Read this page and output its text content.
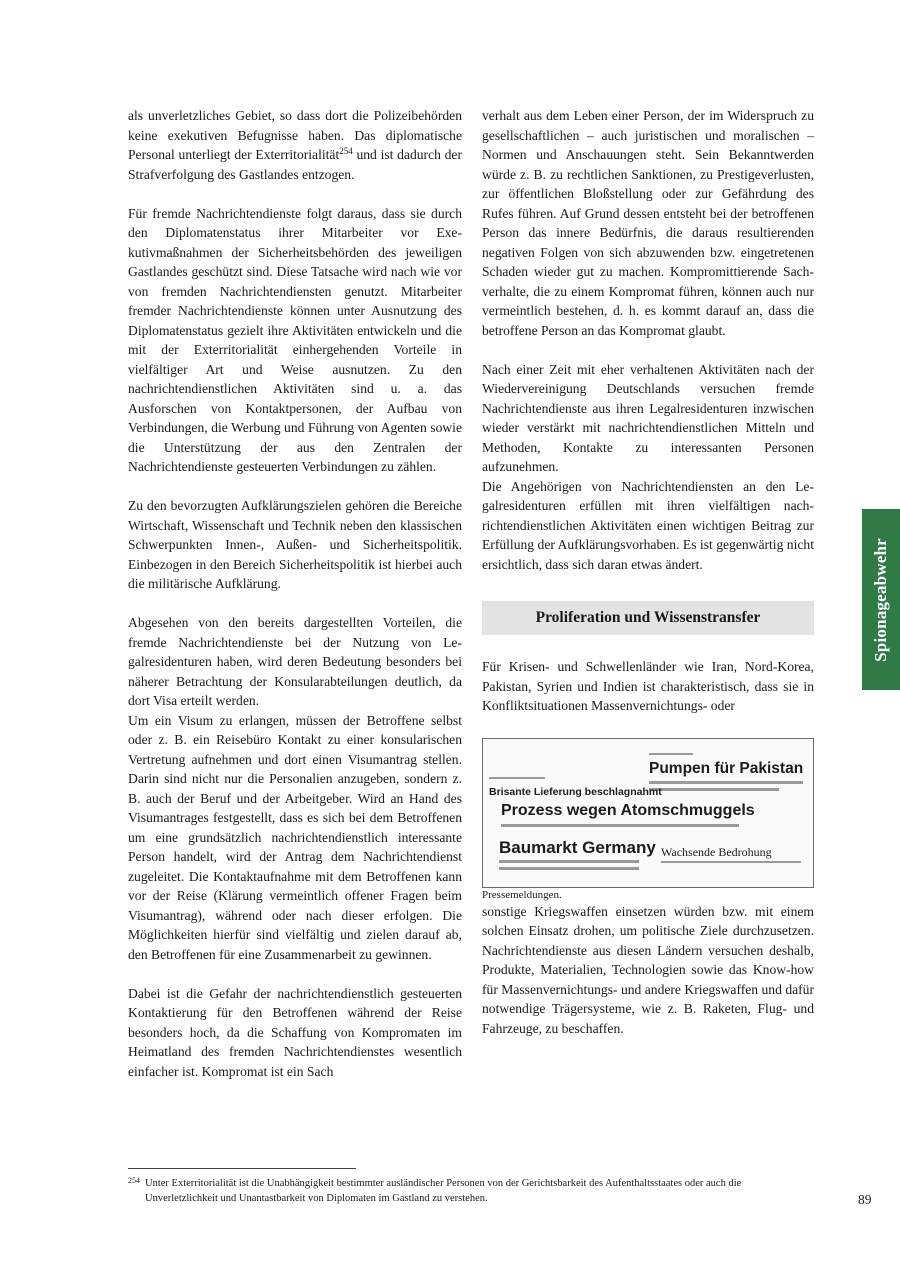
als unverletzliches Gebiet, so dass dort die Polizeibehörden keine exekutiven Befugnisse haben. Das diplomatische Personal unterliegt der Exterritorialität$^{254}$ und ist dadurch der Strafverfolgung des Gastlandes entzogen.

Für fremde Nachrichtendienste folgt daraus, dass sie durch den Diplomatenstatus ihrer Mitarbeiter vor Exekutivmaßnahmen der Sicherheitsbehörden des jeweiligen Gastlandes geschützt sind. Diese Tatsache wird nach wie vor von fremden Nachrichtendiensten genutzt. Mitarbeiter fremder Nachrichtendienste können unter Ausnutzung des Diplomatenstatus gezielt ihre Aktivitäten entwickeln und die mit der Exterritorialität einhergehenden Vorteile in vielfältiger Art und Weise ausnutzen. Zu den nachrichtendienstlichen Aktivitäten sind u. a. das Ausforschen von Kontaktpersonen, der Aufbau von Verbindungen, die Werbung und Führung von Agenten sowie die Unterstützung der aus den Zentralen der Nachrichtendienste gesteuerten Verbindungen zu zählen.

Zu den bevorzugten Aufklärungszielen gehören die Bereiche Wirtschaft, Wissenschaft und Technik neben den klassischen Schwerpunkten Innen-, Außen- und Sicherheitspolitik. Einbezogen in den Bereich Sicherheitspolitik ist hierbei auch die militärische Aufklärung.

Abgesehen von den bereits dargestellten Vorteilen, die fremde Nachrichtendienste bei der Nutzung von Legalresidenturen haben, wird deren Bedeutung besonders bei näherer Betrachtung der Konsularabteilungen deutlich, da dort Visa erteilt werden.

Um ein Visum zu erlangen, müssen der Betroffene selbst oder z. B. ein Reisebüro Kontakt zu einer konsularischen Vertretung aufnehmen und dort einen Visumantrag stellen. Darin sind nicht nur die Personalien anzugeben, sondern z. B. auch der Beruf und der Arbeitgeber. Wird an Hand des Visumantrages festgestellt, dass es sich bei dem Betroffenen um eine grundsätzlich nachrichtendienstlich interessante Person handelt, wird der Antrag dem Nachrichtendienst zugeleitet. Die Kontaktaufnahme mit dem Betroffenen kann vor der Reise (Klärung vermeintlich offener Fragen beim Visumantrag), während oder nach dieser erfolgen. Die Möglichkeiten hierfür sind vielfältig und zielen darauf ab, den Betroffenen für eine Zusammenarbeit zu gewinnen.

Dabei ist die Gefahr der nachrichtendienstlich gesteuerten Kontaktierung für den Betroffenen während der Reise besonders hoch, da die Schaffung von Kompromaten im Heimatland des fremden Nachrichtendienstes wesentlich einfacher ist. Kompromat ist ein Sach

verhalt aus dem Leben einer Person, der im Widerspruch zu gesellschaftlichen – auch juristischen und moralischen – Normen und Anschauungen steht. Sein Bekanntwerden würde z. B. zu rechtlichen Sanktionen, zu Prestigeverlusten, zur öffentlichen Bloßstellung oder zur Gefährdung des Rufes führen. Auf Grund dessen entsteht bei der betroffenen Person das innere Bedürfnis, die daraus resultierenden negativen Folgen von sich abzuwenden bzw. eingetretenen Schaden wieder gut zu machen. Kompromittierende Sachverhalte, die zu einem Kompromat führen, können auch nur vermeintlich bestehen, d. h. es kommt darauf an, dass die betroffene Person an das Kompromat glaubt.

Nach einer Zeit mit eher verhaltenen Aktivitäten nach der Wiedervereinigung Deutschlands versuchen fremde Nachrichtendienste aus ihren Legalresidenturen inzwischen wieder verstärkt mit nachrichtendienstlichen Mitteln und Methoden, Kontakte zu interessanten Personen aufzunehmen.

Die Angehörigen von Nachrichtendiensten an den Legalresidenturen erfüllen mit ihren vielfältigen nachrichtendienstlichen Aktivitäten einen wichtigen Beitrag zur Erfüllung der Aufklärungsvorhaben. Es ist gegenwärtig nicht ersichtlich, dass sich daran etwas ändert.

Proliferation und Wissenstransfer

Für Krisen- und Schwellenländer wie Iran, Nord-Korea, Pakistan, Syrien und Indien ist charakteristisch, dass sie in Konfliktsituationen Massenvernichtungs- oder

Pumpen für Pakistan
Brisante Lieferung beschlagnahmt
Prozess wegen Atomschmuggels
Baumarkt Germany Wachsende Bedrohung

Pressemeldungen.

sonstige Kriegswaffen einsetzen würden bzw. mit einem solchen Einsatz drohen, um politische Ziele durchzusetzen. Nachrichtendienste aus diesen Ländern versuchen deshalb, Produkte, Materialien, Technologien sowie das Know-how für Massenvernichtungs- und andere Kriegswaffen und dafür notwendige Trägersysteme, wie z. B. Raketen, Flug- und Fahrzeuge, zu beschaffen.

Spionageabwehr
254 Unter Exterritorialität ist die Unabhängigkeit bestimmter ausländischer Personen von der Gerichtsbarkeit des Aufenthaltsstaates oder auch die Unverletzlichkeit und Unantastbarkeit von Diplomaten im Gastland zu verstehen.	89
